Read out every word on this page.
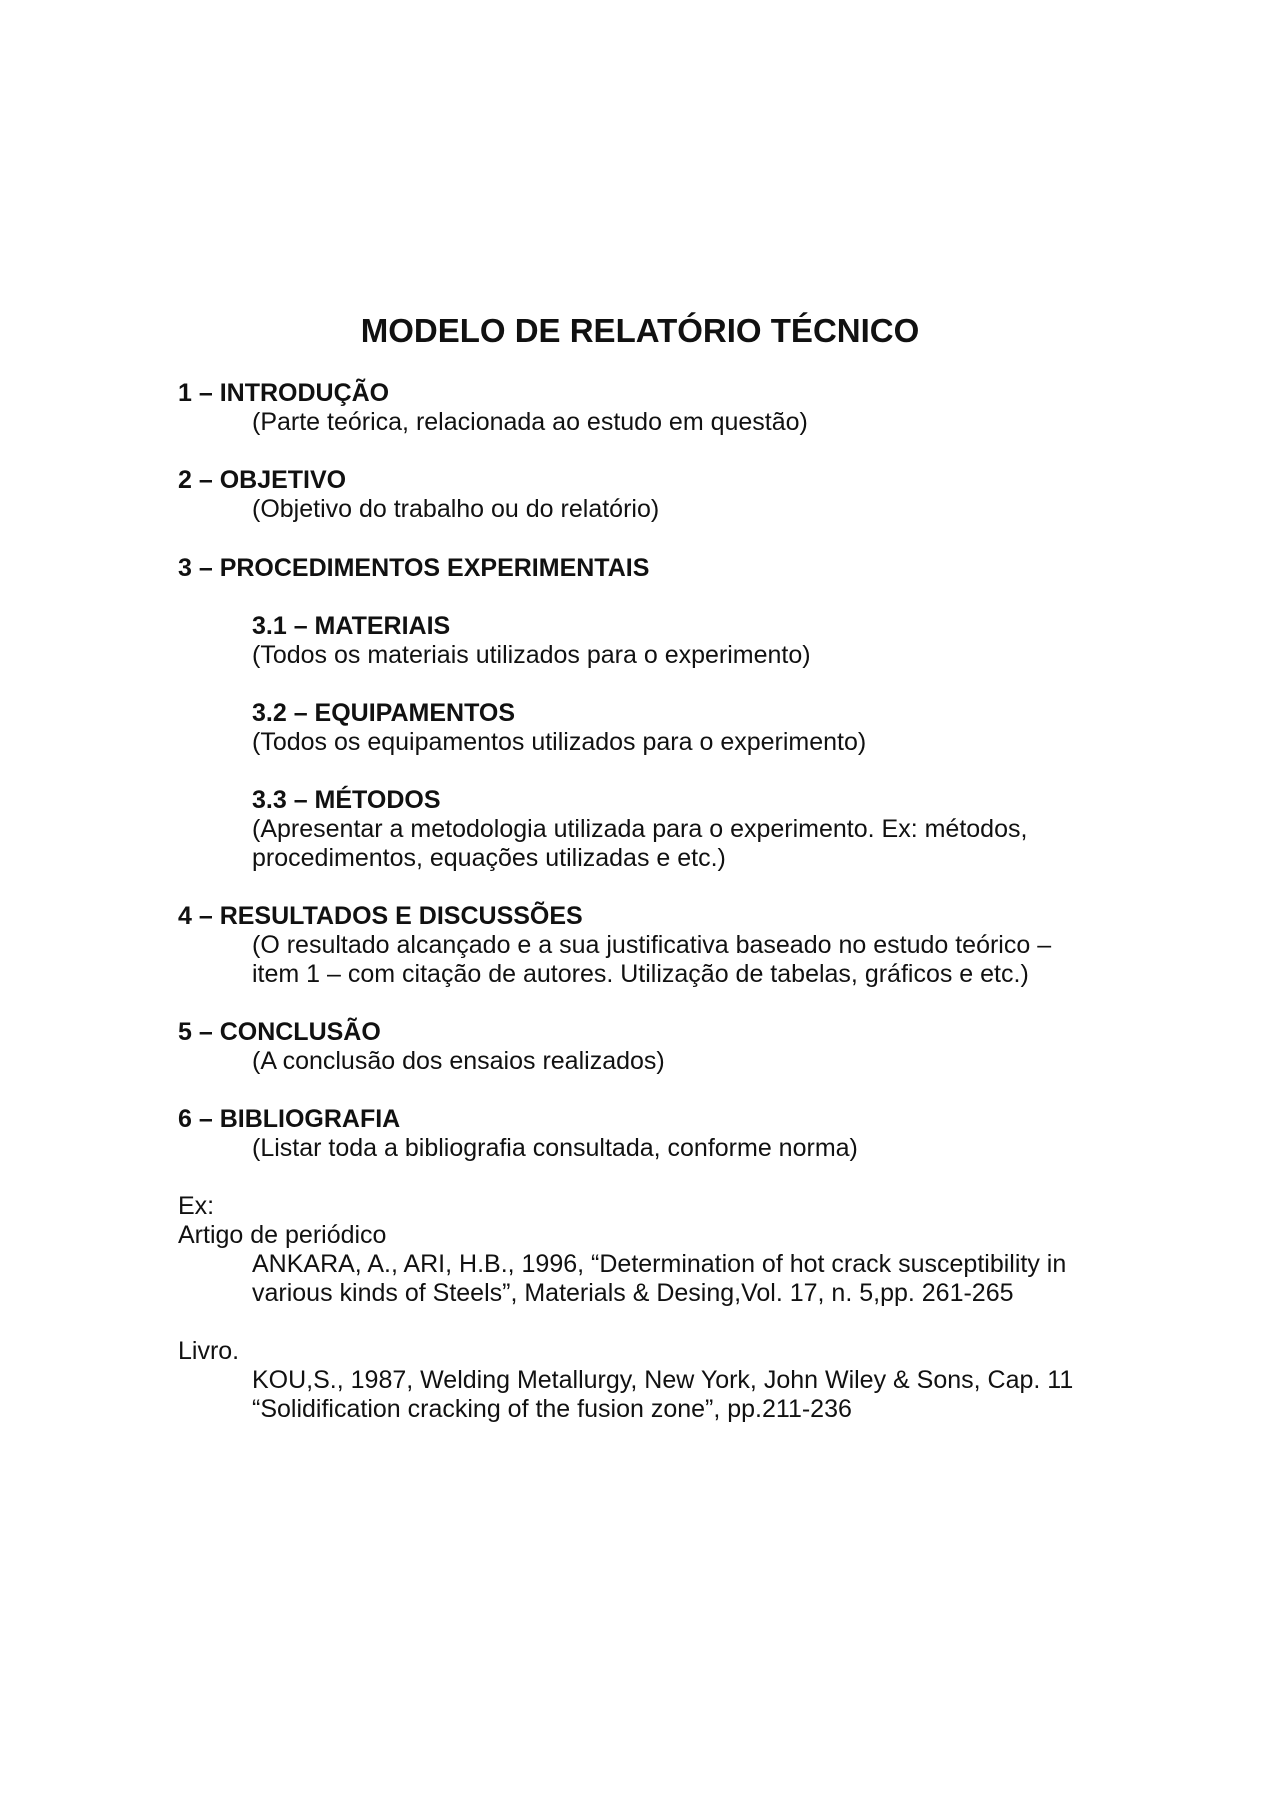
MODELO DE RELATÓRIO TÉCNICO

1 – INTRODUÇÃO

(Parte teórica, relacionada ao estudo em questão)

2 – OBJETIVO

(Objetivo do trabalho ou do relatório)

3 – PROCEDIMENTOS EXPERIMENTAIS

3.1 – MATERIAIS

(Todos os materiais utilizados para o experimento)

3.2 – EQUIPAMENTOS

(Todos os equipamentos utilizados para o experimento)

3.3 – MÉTODOS

(Apresentar a metodologia utilizada para o experimento. Ex: métodos,

procedimentos, equações utilizadas e etc.)

4 – RESULTADOS E DISCUSSÕES

(O resultado alcançado e a sua justificativa baseado no estudo teórico –

item 1 – com citação de autores. Utilização de tabelas, gráficos e etc.)

5 – CONCLUSÃO

(A conclusão dos ensaios realizados)

6 – BIBLIOGRAFIA

(Listar toda a bibliografia consultada, conforme norma)

Ex:

Artigo de periódico

ANKARA, A., ARI, H.B., 1996, “Determination of hot crack susceptibility in

various kinds of Steels”, Materials & Desing,Vol. 17, n. 5,pp. 261-265

Livro.

KOU,S., 1987, Welding Metallurgy, New York, John Wiley & Sons, Cap. 11

“Solidification cracking of the fusion zone”, pp.211-236
